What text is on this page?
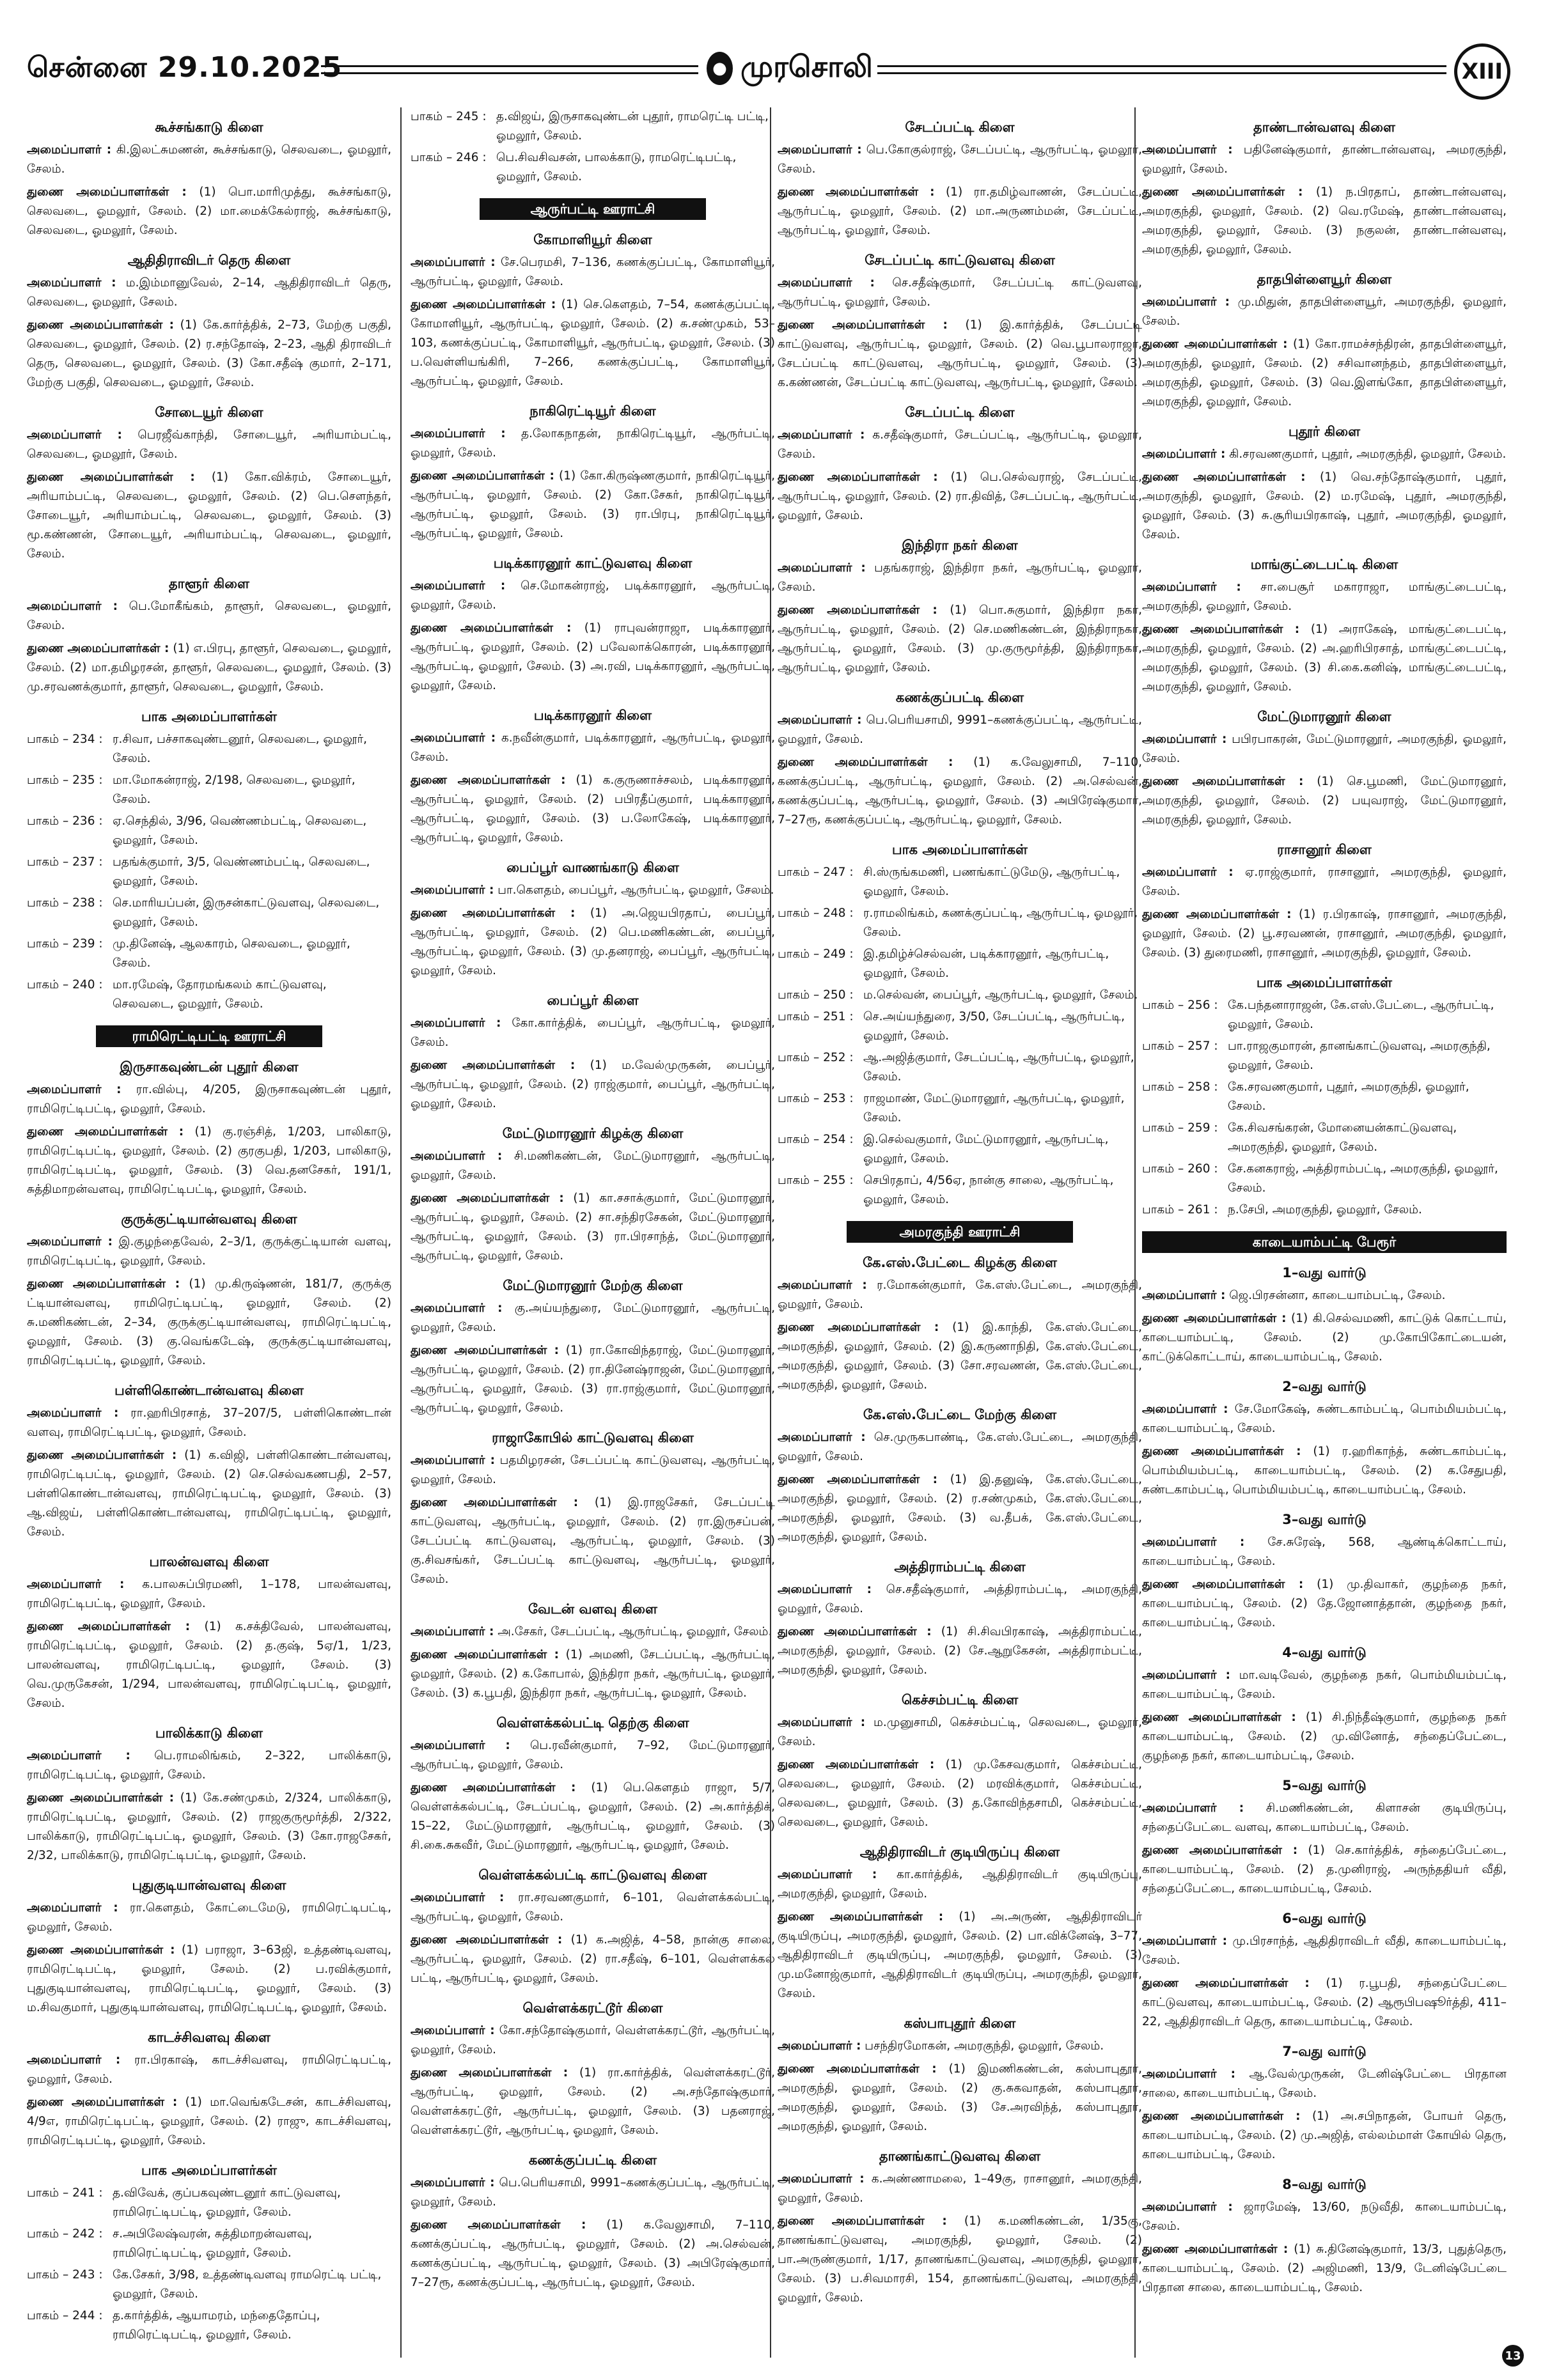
சென்னை 29.10.2025	● முரசொலி	XIII
கூச்சங்காடு கிளை
அமைப்பாளர் : கி.இலட்சுமணன், கூச்சங்காடு, செலவடை, ஓமலூர், சேலம்.
துணை அமைப்பாளர்கள் : (1) பொ.மாரிமுத்து, கூச்சங்காடு, செலவடை, ஓமலூர், சேலம். (2) மா.மைக்கேல்ராஜ், கூச்சங்காடு, செலவடை, ஓமலூர், சேலம்.
ஆதிதிராவிடர் தெரு கிளை
அமைப்பாளர் : ம.இம்மானுவேல், 2–14, ஆதிதிராவிடர் தெரு, செலவடை, ஓமலூர், சேலம்.
துணை அமைப்பாளர்கள் : (1) கே.கார்த்திக், 2–73, மேற்கு பகுதி, செலவடை, ஓமலூர், சேலம். (2) ர.சந்தோஷ், 2–23, ஆதி திராவிடர் தெரு, செலவடை, ஓமலூர், சேலம். (3) கோ.சதீஷ் குமார், 2–171, மேற்கு பகுதி, செலவடை, ஓமலூர், சேலம்.
சோடையூர் கிளை
அமைப்பாளர் : பெரஜீவ்காந்தி, சோடையூர், அரியாம்பட்டி, செலவடை, ஓமலூர், சேலம்.
துணை அமைப்பாளர்கள் : (1) கோ.விக்ரம், சோடையூர், அரியாம்பட்டி, செலவடை, ஓமலூர், சேலம். (2) பெ.சௌந்தர், சோடையூர், அரியாம்பட்டி, செலவடை, ஓமலூர், சேலம். (3) மூ.கண்ணன், சோடையூர், அரியாம்பட்டி, செலவடை, ஓமலூர், சேலம்.
தாளூர் கிளை
அமைப்பாளர் : பெ.மோகீங்கம், தாளூர், செலவடை, ஓமலூர், சேலம்.
துணை அமைப்பாளர்கள் : (1) எ.பிரபு, தாளூர், செலவடை, ஓமலூர், சேலம். (2) மா.தமிழரசன், தாளூர், செலவடை, ஓமலூர், சேலம். (3) மு.சரவணக்குமார், தாளூர், செலவடை, ஓமலூர், சேலம்.
பாக அமைப்பாளர்கள்
பாகம் – 234 : ர.சிவா, பச்சாகவுண்டனூர், செலவடை, ஓமலூர், சேலம்.
பாகம் – 235 : மா.மோகன்ராஜ், 2/198, செலவடை, ஓமலூர், சேலம்.
பாகம் – 236 : ஏ.செந்தில், 3/96, வெண்ணம்பட்டி, செலவடை, ஓமலூர், சேலம்.
பாகம் – 237 : பதங்க்குமார், 3/5, வெண்ணம்பட்டி, செலவடை, ஓமலூர், சேலம்.
பாகம் – 238 : செ.மாரியப்பன், இருசன்காட்டுவளவு, செலவடை, ஓமலூர், சேலம்.
பாகம் – 239 : மு.தினேஷ், ஆலகாரம், செலவடை, ஓமலூர், சேலம்.
பாகம் – 240 : மா.ரமேஷ், தோரமங்கலம் காட்டுவளவு, செலவடை, ஓமலூர், சேலம்.
ராமிரெட்டிபட்டி ஊராட்சி
இருசாகவுண்டன் புதூர் கிளை
அமைப்பாளர் : ரா.வில்பு, 4/205, இருசாகவுண்டன் புதூர், ராமிரெட்டிபட்டி, ஓமலூர், சேலம்.
துணை அமைப்பாளர்கள் : (1) கு.ரஞ்சித், 1/203, பாலிகாடு, ராமிரெட்டிபட்டி, ஓமலூர், சேலம். (2) குரகுபதி, 1/203, பாலிகாடு, ராமிரெட்டிபட்டி, ஓமலூர், சேலம். (3) வெ.தனசேகர், 191/1, சுத்திமாறன்வளவு, ராமிரெட்டிபட்டி, ஓமலூர், சேலம்.
குருக்குட்டியான்வளவு கிளை
அமைப்பாளர் : இ.குழந்தைவேல், 2–3/1, குருக்குட்டியான் வளவு, ராமிரெட்டிபட்டி, ஓமலூர், சேலம்.
துணை அமைப்பாளர்கள் : (1) மு.கிருஷ்ணன், 181/7, குருக்கு ட்டியான்வளவு, ராமிரெட்டிபட்டி, ஓமலூர், சேலம். (2) சு.மணிகண்டன், 2–34, குருக்குட்டியான்வளவு, ராமிரெட்டிபட்டி, ஓமலூர், சேலம். (3) கு.வெங்கடேஷ், குருக்குட்டியான்வளவு, ராமிரெட்டிபட்டி, ஓமலூர், சேலம்.
பள்ளிகொண்டான்வளவு கிளை
அமைப்பாளர் : ரா.ஹரிபிரசாத், 37–207/5, பள்ளிகொண்டான் வளவு, ராமிரெட்டிபட்டி, ஓமலூர், சேலம்.
துணை அமைப்பாளர்கள் : (1) க.விஜி, பள்ளிகொண்டான்வளவு, ராமிரெட்டிபட்டி, ஓமலூர், சேலம். (2) செ.செல்வகணபதி, 2–57, பள்ளிகொண்டான்வளவு, ராமிரெட்டிபட்டி, ஓமலூர், சேலம். (3) ஆ.விஜய், பள்ளிகொண்டான்வளவு, ராமிரெட்டிபட்டி, ஓமலூர், சேலம்.
பாலன்வளவு கிளை
அமைப்பாளர் : க.பாலசுப்பிரமணி, 1–178, பாலன்வளவு, ராமிரெட்டிபட்டி, ஓமலூர், சேலம்.
துணை அமைப்பாளர்கள் : (1) க.சக்திவேல், பாலன்வளவு, ராமிரெட்டிபட்டி, ஓமலூர், சேலம். (2) த.குஷ், 5ஏ/1, 1/23, பாலன்வளவு, ராமிரெட்டிபட்டி, ஓமலூர், சேலம். (3) வெ.முருகேசன், 1/294, பாலன்வளவு, ராமிரெட்டிபட்டி, ஓமலூர், சேலம்.
பாலிக்காடு கிளை
அமைப்பாளர் : பெ.ராமலிங்கம், 2–322, பாலிக்காடு, ராமிரெட்டிபட்டி, ஓமலூர், சேலம்.
துணை அமைப்பாளர்கள் : (1) கே.சண்முகம், 2/324, பாலிக்காடு, ராமிரெட்டிபட்டி, ஓமலூர், சேலம். (2) ராஜகுருமூர்த்தி, 2/322, பாலிக்காடு, ராமிரெட்டிபட்டி, ஓமலூர், சேலம். (3) கோ.ராஜசேகர், 2/32, பாலிக்காடு, ராமிரெட்டிபட்டி, ஓமலூர், சேலம்.
புதுகுடியான்வளவு கிளை
அமைப்பாளர் : ரா.கௌதம், கோட்டைமேடு, ராமிரெட்டிபட்டி, ஓமலூர், சேலம்.
துணை அமைப்பாளர்கள் : (1) பராஜா, 3–63ஜி, உத்தண்டிவளவு, ராமிரெட்டிபட்டி, ஓமலூர், சேலம். (2) ப.ரவிக்குமார், புதுகுடியான்வளவு, ராமிரெட்டிபட்டி, ஓமலூர், சேலம். (3) ம.சிவகுமார், புதுகுடியான்வளவு, ராமிரெட்டிபட்டி, ஓமலூர், சேலம்.
காடச்சிவளவு கிளை
அமைப்பாளர் : ரா.பிரகாஷ், காடச்சிவளவு, ராமிரெட்டிபட்டி, ஓமலூர், சேலம்.
துணை அமைப்பாளர்கள் : (1) மா.வெங்கடேசன், காடச்சிவளவு, 4/9எ, ராமிரெட்டிபட்டி, ஓமலூர், சேலம். (2) ராஜு, காடச்சிவளவு, ராமிரெட்டிபட்டி, ஓமலூர், சேலம்.
பாக அமைப்பாளர்கள்
பாகம் – 241 : த.விவேக், குப்பகவுண்டனூர் காட்டுவளவு, ராமிரெட்டிபட்டி, ஓமலூர், சேலம்.
பாகம் – 242 : ச.அபிலேஷ்வரன், சுத்திமாறன்வளவு, ராமிரெட்டிபட்டி, ஓமலூர், சேலம்.
பாகம் – 243 : கே.சேகர், 3/98, உத்தண்டிவளவு ராமரெட்டி பட்டி, ஓமலூர், சேலம்.
பாகம் – 244 : த.கார்த்திக், ஆயாமரம், மந்தைதோப்பு, ராமிரெட்டிபட்டி, ஓமலூர், சேலம்.
பாகம் – 245 : த.விஜய், இருசாகவுண்டன் புதூர், ராமரெட்டி பட்டி, ஓமலூர், சேலம்.
பாகம் – 246 : பெ.சிவசிவசன், பாலக்காடு, ராமரெட்டிபட்டி, ஓமலூர், சேலம்.
ஆருர்பட்டி ஊராட்சி
கோமாளியூர் கிளை
அமைப்பாளர் : சே.பெரமசி, 7–136, கணக்குப்பட்டி, கோமாளியூர், ஆருர்பட்டி, ஓமலூர், சேலம்.
துணை அமைப்பாளர்கள் : (1) செ.கௌதம், 7–54, கணக்குப்பட்டி, கோமாளியூர், ஆருர்பட்டி, ஓமலூர், சேலம். (2) சு.சண்முகம், 53–103, கணக்குப்பட்டி, கோமாளியூர், ஆருர்பட்டி, ஓமலூர், சேலம். (3) ப.வெள்ளியங்கிரி, 7–266, கணக்குப்பட்டி, கோமாளியூர், ஆருர்பட்டி, ஓமலூர், சேலம்.
நாகிரெட்டியூர் கிளை
அமைப்பாளர் : த.லோகநாதன், நாகிரெட்டியூர், ஆருர்பட்டி, ஓமலூர், சேலம்.
துணை அமைப்பாளர்கள் : (1) கோ.கிருஷ்ணகுமார், நாகிரெட்டியூர், ஆருர்பட்டி, ஓமலூர், சேலம். (2) கோ.சேகர், நாகிரெட்டியூர், ஆருர்பட்டி, ஓமலூர், சேலம். (3) ரா.பிரபு, நாகிரெட்டியூர், ஆருர்பட்டி, ஓமலூர், சேலம்.
படிக்காரனூர் காட்டுவளவு கிளை
அமைப்பாளர் : செ.மோகன்ராஜ், படிக்காரனூர், ஆருர்பட்டி, ஓமலூர், சேலம்.
துணை அமைப்பாளர்கள் : (1) ராபுவன்ராஜா, படிக்காரனூர், ஆருர்பட்டி, ஓமலூர், சேலம். (2) பவேலாக்கொரன், படிக்காரனூர், ஆருர்பட்டி, ஓமலூர், சேலம். (3) அ.ரவி, படிக்காரனூர், ஆருர்பட்டி, ஓமலூர், சேலம்.
படிக்காரனூர் கிளை
அமைப்பாளர் : க.நவீன்குமார், படிக்காரனூர், ஆருர்பட்டி, ஓமலூர், சேலம்.
துணை அமைப்பாளர்கள் : (1) க.குருணாச்சலம், படிக்காரனூர், ஆருர்பட்டி, ஓமலூர், சேலம். (2) பபிரதீப்குமார், படிக்காரனூர், ஆருர்பட்டி, ஓமலூர், சேலம். (3) ப.லோகேஷ், படிக்காரனூர், ஆருர்பட்டி, ஓமலூர், சேலம்.
பைப்பூர் வாணங்காடு கிளை
அமைப்பாளர் : பா.கௌதம், பைப்பூர், ஆருர்பட்டி, ஓமலூர், சேலம்.
துணை அமைப்பாளர்கள் : (1) அ.ஜெயபிரதாப், பைப்பூர், ஆருர்பட்டி, ஓமலூர், சேலம். (2) பெ.மணிகண்டன், பைப்பூர், ஆருர்பட்டி, ஓமலூர், சேலம். (3) மு.தனராஜ், பைப்பூர், ஆருர்பட்டி, ஓமலூர், சேலம்.
பைப்பூர் கிளை
அமைப்பாளர் : கோ.கார்த்திக், பைப்பூர், ஆருர்பட்டி, ஓமலூர், சேலம்.
துணை அமைப்பாளர்கள் : (1) ம.வேல்முருகன், பைப்பூர், ஆருர்பட்டி, ஓமலூர், சேலம். (2) ராஜ்குமார், பைப்பூர், ஆருர்பட்டி, ஓமலூர், சேலம்.
மேட்டுமாரனூர் கிழக்கு கிளை
அமைப்பாளர் : சி.மணிகண்டன், மேட்டுமாரனூர், ஆருர்பட்டி, ஓமலூர், சேலம்.
துணை அமைப்பாளர்கள் : (1) கா.சசாக்குமார், மேட்டுமாரனூர், ஆருர்பட்டி, ஓமலூர், சேலம். (2) சா.சந்திரசேகன், மேட்டுமாரனூர், ஆருர்பட்டி, ஓமலூர், சேலம். (3) ரா.பிரசாந்த், மேட்டுமாரனூர், ஆருர்பட்டி, ஓமலூர், சேலம்.
மேட்டுமாரனூர் மேற்கு கிளை
அமைப்பாளர் : கு.அய்யந்துரை, மேட்டுமாரனூர், ஆருர்பட்டி, ஓமலூர், சேலம்.
துணை அமைப்பாளர்கள் : (1) ரா.கோவிந்தராஜ், மேட்டுமாரனூர், ஆருர்பட்டி, ஓமலூர், சேலம். (2) ரா.தினேஷ்ராஜன், மேட்டுமாரனூர், ஆருர்பட்டி, ஓமலூர், சேலம். (3) ரா.ராஜ்குமார், மேட்டுமாரனூர், ஆருர்பட்டி, ஓமலூர், சேலம்.
ராஜாகோபில் காட்டுவளவு கிளை
அமைப்பாளர் : பதமிழரசன், சேடப்பட்டி காட்டுவளவு, ஆருர்பட்டி, ஓமலூர், சேலம்.
துணை அமைப்பாளர்கள் : (1) இ.ராஜசேகர், சேடப்பட்டி காட்டுவளவு, ஆருர்பட்டி, ஓமலூர், சேலம். (2) ரா.இருசப்பன், சேடப்பட்டி காட்டுவளவு, ஆருர்பட்டி, ஓமலூர், சேலம். (3) கு.சிவசங்கர், சேடப்பட்டி காட்டுவளவு, ஆருர்பட்டி, ஓமலூர், சேலம்.
வேடன் வளவு கிளை
அமைப்பாளர் : அ.சேகர், சேடப்பட்டி, ஆருர்பட்டி, ஓமலூர், சேலம்.
துணை அமைப்பாளர்கள் : (1) அமணி, சேடப்பட்டி, ஆருர்பட்டி, ஓமலூர், சேலம். (2) க.கோபால், இந்திரா நகர், ஆருர்பட்டி, ஓமலூர், சேலம். (3) க.பூபதி, இந்திரா நகர், ஆருர்பட்டி, ஓமலூர், சேலம்.
வெள்ளக்கல்பட்டி தெற்கு கிளை
அமைப்பாளர் : பெ.ரவீன்குமார், 7–92, மேட்டுமாரனூர், ஆருர்பட்டி, ஓமலூர், சேலம்.
துணை அமைப்பாளர்கள் : (1) பெ.கௌதம் ராஜா, 5/7, வெள்ளக்கல்பட்டி, சேடப்பட்டி, ஓமலூர், சேலம். (2) அ.கார்த்திக், 15–22, மேட்டுமாரனூர், ஆருர்பட்டி, ஓமலூர், சேலம். (3) சி.கை.சுகவீர், மேட்டுமாரனூர், ஆருர்பட்டி, ஓமலூர், சேலம்.
வெள்ளக்கல்பட்டி காட்டுவளவு கிளை
அமைப்பாளர் : ரா.சரவணகுமார், 6–101, வெள்ளக்கல்பட்டி, ஆருர்பட்டி, ஓமலூர், சேலம்.
துணை அமைப்பாளர்கள் : (1) க.அஜித், 4–58, நான்கு சாலை, ஆருர்பட்டி, ஓமலூர், சேலம். (2) ரா.சதீஷ், 6–101, வெள்ளக்கல் பட்டி, ஆருர்பட்டி, ஓமலூர், சேலம்.
வெள்ளக்கரட்டூர் கிளை
அமைப்பாளர் : கோ.சந்தோஷ்குமார், வெள்ளக்கரட்டூர், ஆருர்பட்டி, ஓமலூர், சேலம்.
துணை அமைப்பாளர்கள் : (1) ரா.கார்த்திக், வெள்ளக்கரட்டூர், ஆருர்பட்டி, ஓமலூர், சேலம். (2) அ.சந்தோஷ்குமார், வெள்ளக்கரட்டூர், ஆருர்பட்டி, ஓமலூர், சேலம். (3) பதனராஜ், வெள்ளக்கரட்டூர், ஆருர்பட்டி, ஓமலூர், சேலம்.
கணக்குப்பட்டி கிளை
அமைப்பாளர் : பெ.பெரியசாமி, 9991–கணக்குப்பட்டி, ஆருர்பட்டி, ஓமலூர், சேலம்.
துணை அமைப்பாளர்கள் : (1) க.வேலுசாமி, 7–110, கணக்குப்பட்டி, ஆருர்பட்டி, ஓமலூர், சேலம். (2) அ.செல்வன், கணக்குப்பட்டி, ஆருர்பட்டி, ஓமலூர், சேலம். (3) அபிரேஷ்குமார், 7–27ரூ, கணக்குப்பட்டி, ஆருர்பட்டி, ஓமலூர், சேலம்.
சேடப்பட்டி கிளை
அமைப்பாளர் : பெ.கோகுல்ராஜ், சேடப்பட்டி, ஆருர்பட்டி, ஓமலூர், சேலம்.
துணை அமைப்பாளர்கள் : (1) ரா.தமிழ்வாணன், சேடப்பட்டி, ஆருர்பட்டி, ஓமலூர், சேலம். (2) மா.அருணம்மன், சேடப்பட்டி, ஆருர்பட்டி, ஓமலூர், சேலம்.
சேடப்பட்டி காட்டுவளவு கிளை
அமைப்பாளர் : செ.சதீஷ்குமார், சேடப்பட்டி காட்டுவளவு, ஆருர்பட்டி, ஓமலூர், சேலம்.
துணை அமைப்பாளர்கள் : (1) இ.கார்த்திக், சேடப்பட்டி காட்டுவளவு, ஆருர்பட்டி, ஓமலூர், சேலம். (2) வெ.பூபாலராஜா, சேடப்பட்டி காட்டுவளவு, ஆருர்பட்டி, ஓமலூர், சேலம். (3) க.கண்ணன், சேடப்பட்டி காட்டுவளவு, ஆருர்பட்டி, ஓமலூர், சேலம்.
சேடப்பட்டி கிளை
அமைப்பாளர் : க.சதீஷ்குமார், சேடப்பட்டி, ஆருர்பட்டி, ஓமலூர், சேலம்.
துணை அமைப்பாளர்கள் : (1) பெ.செல்வராஜ், சேடப்பட்டி, ஆருர்பட்டி, ஓமலூர், சேலம். (2) ரா.திவித், சேடப்பட்டி, ஆருர்பட்டி, ஓமலூர், சேலம்.
இந்திரா நகர் கிளை
அமைப்பாளர் : பதங்கராஜ், இந்திரா நகர், ஆருர்பட்டி, ஓமலூர், சேலம்.
துணை அமைப்பாளர்கள் : (1) பொ.சுகுமார், இந்திரா நகர், ஆருர்பட்டி, ஓமலூர், சேலம். (2) செ.மணிகண்டன், இந்திராநகர், ஆருர்பட்டி, ஓமலூர், சேலம். (3) மு.குருமூர்த்தி, இந்திராநகர், ஆருர்பட்டி, ஓமலூர், சேலம்.
கணக்குப்பட்டி கிளை
அமைப்பாளர் : பெ.பெரியசாமி, 9991–கணக்குப்பட்டி, ஆருர்பட்டி, ஓமலூர், சேலம்.
துணை அமைப்பாளர்கள் : (1) க.வேலுசாமி, 7–110, கணக்குப்பட்டி, ஆருர்பட்டி, ஓமலூர், சேலம். (2) அ.செல்வன், கணக்குப்பட்டி, ஆருர்பட்டி, ஓமலூர், சேலம். (3) அபிரேஷ்குமார், 7–27ரூ, கணக்குப்பட்டி, ஆருர்பட்டி, ஓமலூர், சேலம்.
பாக அமைப்பாளர்கள்
பாகம் – 247 : சி.ஸ்ருங்கமணி, பணங்காட்டுமேடு, ஆருர்பட்டி, ஓமலூர், சேலம்.
பாகம் – 248 : ர.ராமலிங்கம், கணக்குப்பட்டி, ஆருர்பட்டி, ஓமலூர், சேலம்.
பாகம் – 249 : இ.தமிழ்ச்செல்வன், படிக்காரனூர், ஆருர்பட்டி, ஓமலூர், சேலம்.
பாகம் – 250 : ம.செல்வன், பைப்பூர், ஆருர்பட்டி, ஓமலூர், சேலம்.
பாகம் – 251 : செ.அய்யந்துரை, 3/50, சேடப்பட்டி, ஆருர்பட்டி, ஓமலூர், சேலம்.
பாகம் – 252 : ஆ.அஜித்குமார், சேடப்பட்டி, ஆருர்பட்டி, ஓமலூர், சேலம்.
பாகம் – 253 : ராஜமாண், மேட்டுமாரனூர், ஆருர்பட்டி, ஓமலூர், சேலம்.
பாகம் – 254 : இ.செல்வகுமார், மேட்டுமாரனூர், ஆருர்பட்டி, ஓமலூர், சேலம்.
பாகம் – 255 : செபிரதாப், 4/56ஏ, நான்கு சாலை, ஆருர்பட்டி, ஓமலூர், சேலம்.
அமரகுந்தி ஊராட்சி
கே.எஸ்.பேட்டை கிழக்கு கிளை
அமைப்பாளர் : ர.மோகன்குமார், கே.எஸ்.பேட்டை, அமரகுந்தி, ஓமலூர், சேலம்.
துணை அமைப்பாளர்கள் : (1) இ.காந்தி, கே.எஸ்.பேட்டை, அமரகுந்தி, ஓமலூர், சேலம். (2) இ.கருணாநிதி, கே.எஸ்.பேட்டை, அமரகுந்தி, ஓமலூர், சேலம். (3) சோ.சரவணன், கே.எஸ்.பேட்டை, அமரகுந்தி, ஓமலூர், சேலம்.
கே.எஸ்.பேட்டை மேற்கு கிளை
அமைப்பாளர் : செ.முருகபாண்டி, கே.எஸ்.பேட்டை, அமரகுந்தி, ஓமலூர், சேலம்.
துணை அமைப்பாளர்கள் : (1) இ.தனுஷ், கே.எஸ்.பேட்டை, அமரகுந்தி, ஓமலூர், சேலம். (2) ர.சண்முகம், கே.எஸ்.பேட்டை, அமரகுந்தி, ஓமலூர், சேலம். (3) வ.தீபக், கே.எஸ்.பேட்டை, அமரகுந்தி, ஓமலூர், சேலம்.
அத்திராம்பட்டி கிளை
அமைப்பாளர் : செ.சதீஷ்குமார், அத்திராம்பட்டி, அமரகுந்தி, ஓமலூர், சேலம்.
துணை அமைப்பாளர்கள் : (1) சி.சிவபிரகாஷ், அத்திராம்பட்டி, அமரகுந்தி, ஓமலூர், சேலம். (2) சே.ஆறுகேசன், அத்திராம்பட்டி, அமரகுந்தி, ஓமலூர், சேலம்.
கெச்சம்பட்டி கிளை
அமைப்பாளர் : ம.முனுசாமி, கெச்சம்பட்டி, செலவடை, ஓமலூர், சேலம்.
துணை அமைப்பாளர்கள் : (1) மு.கேசவகுமார், கெச்சம்பட்டி, செலவடை, ஓமலூர், சேலம். (2) மரவிக்குமார், கெச்சம்பட்டி, செலவடை, ஓமலூர், சேலம். (3) த.கோவிந்தசாமி, கெச்சம்பட்டி, செலவடை, ஓமலூர், சேலம்.
ஆதிதிராவிடர் குடியிருப்பு கிளை
அமைப்பாளர் : கா.கார்த்திக், ஆதிதிராவிடர் குடியிருப்பு, அமரகுந்தி, ஓமலூர், சேலம்.
துணை அமைப்பாளர்கள் : (1) அ.அருண், ஆதிதிராவிடர் குடியிருப்பு, அமரகுந்தி, ஓமலூர், சேலம். (2) பா.விக்னேஷ், 3–77, ஆதிதிராவிடர் குடியிருப்பு, அமரகுந்தி, ஓமலூர், சேலம். (3) மு.மனோஜ்குமார், ஆதிதிராவிடர் குடியிருப்பு, அமரகுந்தி, ஓமலூர், சேலம்.
கஸ்பாபுதூர் கிளை
அமைப்பாளர் : பசந்திரமோகன், அமரகுந்தி, ஓமலூர், சேலம்.
துணை அமைப்பாளர்கள் : (1) இமணிகண்டன், கஸ்பாபுதூர், அமரகுந்தி, ஓமலூர், சேலம். (2) கு.சுகவாதன், கஸ்பாபுதூர், அமரகுந்தி, ஓமலூர், சேலம். (3) சே.அரவிந்த், கஸ்பாபுதூர், அமரகுந்தி, ஓமலூர், சேலம்.
தாணங்காட்டுவளவு கிளை
அமைப்பாளர் : க.அண்ணாமலை, 1–49கு, ராசானூர், அமரகுந்தி, ஓமலூர், சேலம்.
துணை அமைப்பாளர்கள் : (1) க.மணிகண்டன், 1/35கு, தாணங்காட்டுவளவு, அமரகுந்தி, ஓமலூர், சேலம். (2) பா.அருண்குமார், 1/17, தாணங்காட்டுவளவு, அமரகுந்தி, ஓமலூர், சேலம். (3) ப.சிவமாரசி, 154, தாணங்காட்டுவளவு, அமரகுந்தி, ஓமலூர், சேலம்.
தாண்டான்வளவு கிளை
அமைப்பாளர் : பதினேஷ்குமார், தாண்டான்வளவு, அமரகுந்தி, ஓமலூர், சேலம்.
துணை அமைப்பாளர்கள் : (1) ந.பிரதாப், தாண்டான்வளவு, அமரகுந்தி, ஓமலூர், சேலம். (2) வெ.ரமேஷ், தாண்டான்வளவு, அமரகுந்தி, ஓமலூர், சேலம். (3) நகுலன், தாண்டான்வளவு, அமரகுந்தி, ஓமலூர், சேலம்.
தாதபிள்ளையூர் கிளை
அமைப்பாளர் : மு.மிதுன், தாதபிள்ளையூர், அமரகுந்தி, ஓமலூர், சேலம்.
துணை அமைப்பாளர்கள் : (1) கோ.ராமச்சந்திரன், தாதபிள்ளையூர், அமரகுந்தி, ஓமலூர், சேலம். (2) சசிவானந்தம், தாதபிள்ளையூர், அமரகுந்தி, ஓமலூர், சேலம். (3) வெ.இளங்கோ, தாதபிள்ளையூர், அமரகுந்தி, ஓமலூர், சேலம்.
புதூர் கிளை
அமைப்பாளர் : கி.சரவணகுமார், புதூர், அமரகுந்தி, ஓமலூர், சேலம்.
துணை அமைப்பாளர்கள் : (1) வெ.சந்தோஷ்குமார், புதூர், அமரகுந்தி, ஓமலூர், சேலம். (2) ம.ரமேஷ், புதூர், அமரகுந்தி, ஓமலூர், சேலம். (3) சு.சூரியபிரகாஷ், புதூர், அமரகுந்தி, ஓமலூர், சேலம்.
மாங்குட்டைபட்டி கிளை
அமைப்பாளர் : சா.பைசூர் மகாராஜா, மாங்குட்டைபட்டி, அமரகுந்தி, ஓமலூர், சேலம்.
துணை அமைப்பாளர்கள் : (1) அராகேஷ், மாங்குட்டைபட்டி, அமரகுந்தி, ஓமலூர், சேலம். (2) அ.ஹரிபிரசாத், மாங்குட்டைபட்டி, அமரகுந்தி, ஓமலூர், சேலம். (3) சி.கை.கனிஷ், மாங்குட்டைபட்டி, அமரகுந்தி, ஓமலூர், சேலம்.
மேட்டுமாரனூர் கிளை
அமைப்பாளர் : பபிரபாகரன், மேட்டுமாரனூர், அமரகுந்தி, ஓமலூர், சேலம்.
துணை அமைப்பாளர்கள் : (1) செ.பூமணி, மேட்டுமாரனூர், அமரகுந்தி, ஓமலூர், சேலம். (2) பயுவராஜ், மேட்டுமாரனூர், அமரகுந்தி, ஓமலூர், சேலம்.
ராசானூர் கிளை
அமைப்பாளர் : ஏ.ராஜ்குமார், ராசானூர், அமரகுந்தி, ஓமலூர், சேலம்.
துணை அமைப்பாளர்கள் : (1) ர.பிரகாஷ், ராசானூர், அமரகுந்தி, ஓமலூர், சேலம். (2) பூ.சரவணன், ராசானூர், அமரகுந்தி, ஓமலூர், சேலம். (3) துரைமணி, ராசானூர், அமரகுந்தி, ஓமலூர், சேலம்.
பாக அமைப்பாளர்கள்
பாகம் – 256 : கே.பந்தனாராஜன், கே.எஸ்.பேட்டை, ஆருர்பட்டி, ஓமலூர், சேலம்.
பாகம் – 257 : பா.ராஜகுமாரன், தானங்காட்டுவளவு, அமரகுந்தி, ஓமலூர், சேலம்.
பாகம் – 258 : கே.சரவணகுமார், புதூர், அமரகுந்தி, ஓமலூர், சேலம்.
பாகம் – 259 : கே.சிவசங்கரன், மோனையன்காட்டுவளவு, அமரகுந்தி, ஓமலூர், சேலம்.
பாகம் – 260 : சே.கனகராஜ், அத்திராம்பட்டி, அமரகுந்தி, ஓமலூர், சேலம்.
பாகம் – 261 : ந.சேபி, அமரகுந்தி, ஓமலூர், சேலம்.
காடையாம்பட்டி பேரூர்
1–வது வார்டு
அமைப்பாளர் : ஜெ.பிரசன்னா, காடையாம்பட்டி, சேலம்.
துணை அமைப்பாளர்கள் : (1) கி.செல்வமணி, காட்டுக் கொட்டாய், காடையாம்பட்டி, சேலம். (2) மு.கோபிகோட்டையன், காட்டுக்கொட்டாய், காடையாம்பட்டி, சேலம்.
2–வது வார்டு
அமைப்பாளர் : சே.மோகேஷ், சுண்டகாம்பட்டி, பொம்மியம்பட்டி, காடையாம்பட்டி, சேலம்.
துணை அமைப்பாளர்கள் : (1) ர.ஹரிகாந்த், சுண்டகாம்பட்டி, பொம்மியம்பட்டி, காடையாம்பட்டி, சேலம். (2) க.சேதுபதி, சுண்டகாம்பட்டி, பொம்மியம்பட்டி, காடையாம்பட்டி, சேலம்.
3–வது வார்டு
அமைப்பாளர் : சே.சுரேஷ், 568, ஆண்டிக்கொட்டாய், காடையாம்பட்டி, சேலம்.
துணை அமைப்பாளர்கள் : (1) மு.திவாகர், குழந்தை நகர், காடையாம்பட்டி, சேலம். (2) தே.ஜோனாத்தான், குழந்தை நகர், காடையாம்பட்டி, சேலம்.
4–வது வார்டு
அமைப்பாளர் : மா.வடிவேல், குழந்தை நகர், பொம்மியம்பட்டி, காடையாம்பட்டி, சேலம்.
துணை அமைப்பாளர்கள் : (1) சி.நிந்தீஷ்குமார், குழந்தை நகர் காடையாம்பட்டி, சேலம். (2) மு.வினோத், சந்தைப்பேட்டை, குழந்தை நகர், காடையாம்பட்டி, சேலம்.
5–வது வார்டு
அமைப்பாளர் : சி.மணிகண்டன், கிளாசன் குடியிருப்பு, சந்தைப்பேட்டை வளவு, காடையாம்பட்டி, சேலம்.
துணை அமைப்பாளர்கள் : (1) செ.கார்த்திக், சந்தைப்பேட்டை, காடையாம்பட்டி, சேலம். (2) த.முனிராஜ், அருந்ததியர் வீதி, சந்தைப்பேட்டை, காடையாம்பட்டி, சேலம்.
6–வது வார்டு
அமைப்பாளர் : மு.பிரசாந்த், ஆதிதிராவிடர் வீதி, காடையாம்பட்டி, சேலம்.
துணை அமைப்பாளர்கள் : (1) ர.பூபதி, சந்தைப்பேட்டை காட்டுவளவு, காடையாம்பட்டி, சேலம். (2) ஆரூபிபஷூர்த்தி, 411–22, ஆதிதிராவிடர் தெரு, காடையாம்பட்டி, சேலம்.
7–வது வார்டு
அமைப்பாளர் : ஆ.வேல்முருகன், டேனிஷ்பேட்டை பிரதான சாலை, காடையாம்பட்டி, சேலம்.
துணை அமைப்பாளர்கள் : (1) அ.சபிநாதன், போயர் தெரு, காடையாம்பட்டி, சேலம். (2) மு.அஜித், எல்லம்மாள் கோயில் தெரு, காடையாம்பட்டி, சேலம்.
8–வது வார்டு
அமைப்பாளர் : ஜாரமேஷ், 13/60, நடுவீதி, காடையாம்பட்டி, சேலம்.
துணை அமைப்பாளர்கள் : (1) சு.தினேஷ்குமார், 13/3, புதுத்தெரு, காடையாம்பட்டி, சேலம். (2) அஜிமணி, 13/9, டேனிஷ்பேட்டை பிரதான சாலை, காடையாம்பட்டி, சேலம்.
13
